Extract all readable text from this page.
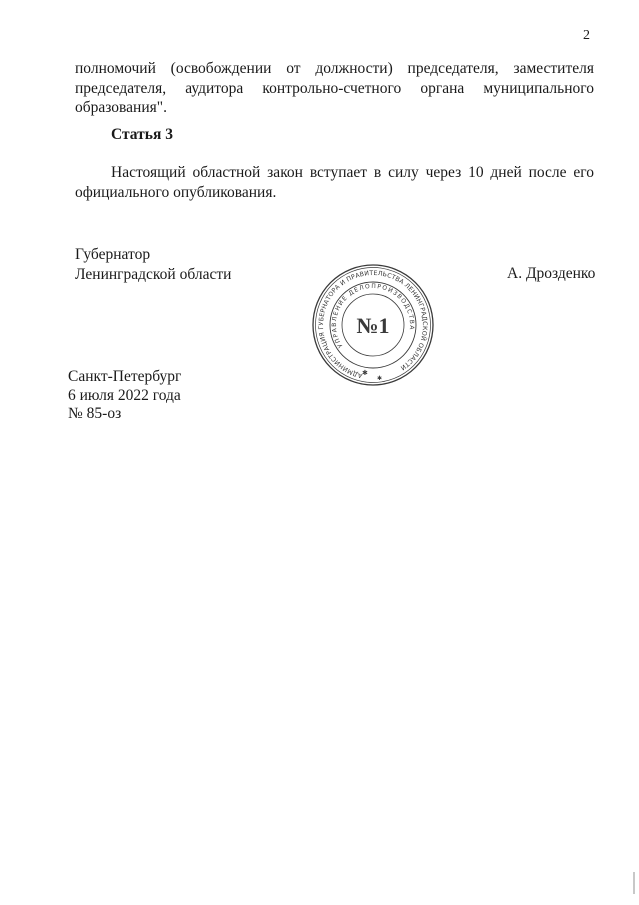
2

полномочий (освобождении от должности) председателя, заместителя председателя, аудитора контрольно-счетного органа муниципального образования".

Статья 3

Настоящий областной закон вступает в силу через 10 дней после его официального опубликования.

Губернатор
Ленинградской области	А. Дрозденко
АДМИНИСТРАЦИЯ ГУБЕРНАТОРА И ПРАВИТЕЛЬСТВА ЛЕНИНГРАДСКОЙ ОБЛАСТИ
УПРАВЛЕНИЕ ДЕЛОПРОИЗВОДСТВА
✱
✱
№1
Санкт-Петербург
6 июля 2022 года
№ 85-оз
